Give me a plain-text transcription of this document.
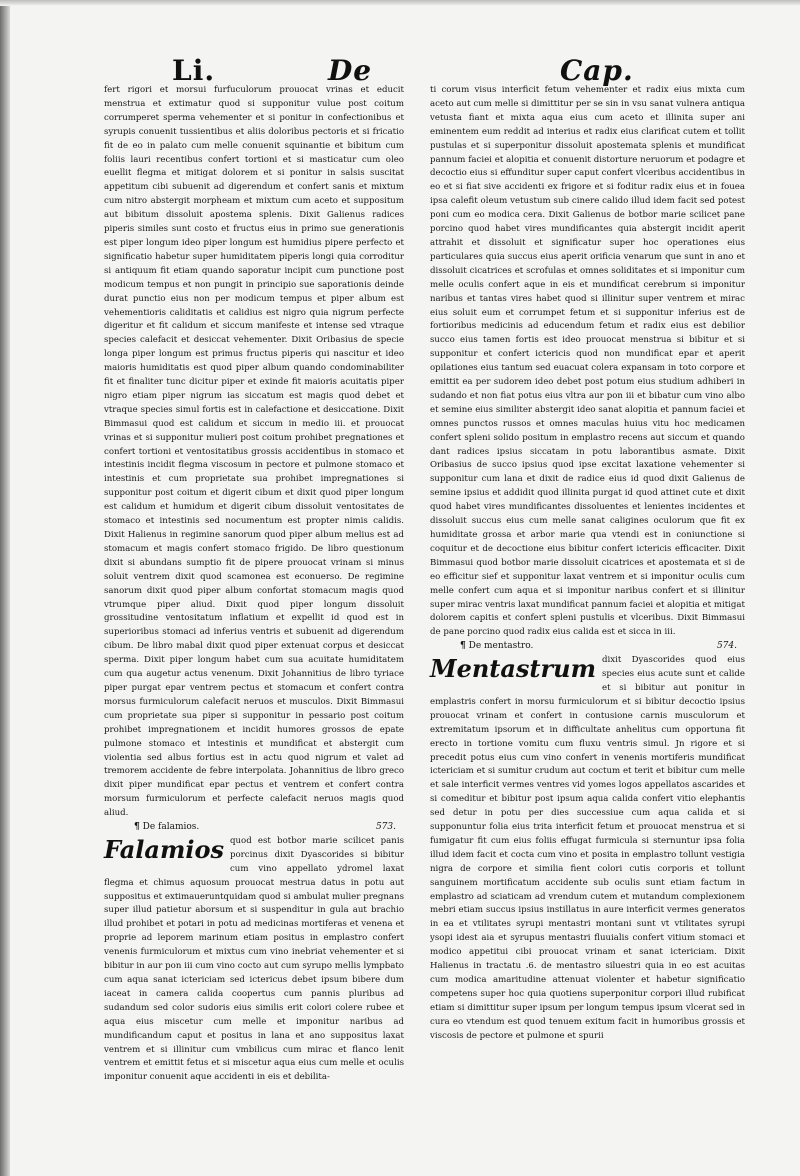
Li.	De	Cap.

fert rigori et morsui furfuculorum prouocat vrinas et educit menstrua et extimatur quod si supponitur vulue post coitum corrumperet sperma vehementer et si ponitur in confectionibus et syrupis conuenit tussientibus et aliis doloribus pectoris et si fricatio fit de eo in palato cum melle conuenit squinantie et bibitum cum foliis lauri recentibus confert tortioni et si masticatur cum oleo euellit flegma et mitigat dolorem et si ponitur in salsis suscitat appetitum cibi subuenit ad digerendum et confert sanis et mixtum cum nitro abstergit morpheam et mixtum cum aceto et suppositum aut bibitum dissoluit apostema splenis. Dixit Galienus radices piperis similes sunt costo et fructus eius in primo sue generationis est piper longum ideo piper longum est humidius pipere perfecto et significatio habetur super humiditatem piperis longi quia corroditur si antiquum fit etiam quando saporatur incipit cum punctione post modicum tempus et non pungit in principio sue saporationis deinde durat punctio eius non per modicum tempus et piper album est vehementioris caliditatis et calidius est nigro quia nigrum perfecte digeritur et fit calidum et siccum manifeste et intense sed vtraque species calefacit et desiccat vehementer. Dixit Oribasius de specie longa piper longum est primus fructus piperis qui nascitur et ideo maioris humiditatis est quod piper album quando condominabiliter fit et finaliter tunc dicitur piper et exinde fit maioris acuitatis piper nigro etiam piper nigrum ias siccatum est magis quod debet et vtraque species simul fortis est in calefactione et desiccatione. Dixit Bimmasui quod est calidum et siccum in medio iii. et prouocat vrinas et si supponitur mulieri post coitum prohibet pregnationes et confert tortioni et ventositatibus grossis accidentibus in stomaco et intestinis incidit flegma viscosum in pectore et pulmone stomaco et intestinis et cum proprietate sua prohibet impregnationes si supponitur post coitum et digerit cibum et dixit quod piper longum est calidum et humidum et digerit cibum dissoluit ventositates de stomaco et intestinis sed nocumentum est propter nimis calidis. Dixit Halienus in regimine sanorum quod piper album melius est ad stomacum et magis confert stomaco frigido. De libro questionum dixit si abundans sumptio fit de pipere prouocat vrinam si minus soluit ventrem dixit quod scamonea est econuerso. De regimine sanorum dixit quod piper album confortat stomacum magis quod vtrumque piper aliud. Dixit quod piper longum dissoluit grossitudine ventositatum inflatium et expellit id quod est in superioribus stomaci ad inferius ventris et subuenit ad digerendum cibum. De libro mabal dixit quod piper extenuat corpus et desiccat sperma. Dixit piper longum habet cum sua acuitate humiditatem cum qua augetur actus venenum. Dixit Johannitius de libro tyriace piper purgat epar ventrem pectus et stomacum et confert contra morsus furmiculorum calefacit neruos et musculos. Dixit Bimmasui cum proprietate sua piper si supponitur in pessario post coitum prohibet impregnationem et incidit humores grossos de epate pulmone stomaco et intestinis et mundificat et abstergit cum violentia sed albus fortius est in actu quod nigrum et valet ad tremorem accidente de febre interpolata. Johannitius de libro greco dixit piper mundificat epar pectus et ventrem et confert contra morsum furmiculorum et perfecte calefacit neruos magis quod aliud.

¶ De falamios.	573.

Falamios quod est botbor marie scilicet panis porcinus dixit Dyascorides si bibitur cum vino appellato ydromel laxat flegma et chimus aquosum prouocat mestrua datus in potu aut suppositus et extimaueruntquidam quod si ambulat mulier pregnans super illud patietur aborsum et si suspenditur in gula aut brachio illud prohibet et potari in potu ad medicinas mortiferas et venena et proprie ad leporem marinum etiam positus in emplastro confert venenis furmiculorum et mixtus cum vino inebriat vehementer et si bibitur in aur pon iii cum vino cocto aut cum syrupo mellis lympbato cum aqua sanat ictericiam sed ictericus debet ipsum bibere dum iaceat in camera calida coopertus cum pannis pluribus ad sudandum sed color sudoris eius similis erit colori colere rubee et aqua eius miscetur cum melle et imponitur naribus ad mundificandum caput et positus in lana et ano suppositus laxat ventrem et si illinitur cum vmbilicus cum mirac et flanco lenit ventrem et emittit fetus et si miscetur aqua eius cum melle et oculis imponitur conuenit aque accidenti in eis et debilita-

ti corum visus interficit fetum vehementer et radix eius mixta cum aceto aut cum melle si dimittitur per se sin in vsu sanat vulnera antiqua vetusta fiant et mixta aqua eius cum aceto et illinita super ani eminentem eum reddit ad interius et radix eius clarificat cutem et tollit pustulas et si superponitur dissoluit apostemata splenis et mundificat pannum faciei et alopitia et conuenit distorture neruorum et podagre et decoctio eius si effunditur super caput confert vlceribus accidentibus in eo et si fiat sive accidenti ex frigore et si foditur radix eius et in fouea ipsa calefit oleum vetustum sub cinere calido illud idem facit sed potest poni cum eo modica cera. Dixit Galienus de botbor marie scilicet pane porcino quod habet vires mundificantes quia abstergit incidit aperit attrahit et dissoluit et significatur super hoc operationes eius particulares quia succus eius aperit orificia venarum que sunt in ano et dissoluit cicatrices et scrofulas et omnes soliditates et si imponitur cum melle oculis confert aque in eis et mundificat cerebrum si imponitur naribus et tantas vires habet quod si illinitur super ventrem et mirac eius soluit eum et corrumpet fetum et si supponitur inferius est de fortioribus medicinis ad educendum fetum et radix eius est debilior succo eius tamen fortis est ideo prouocat menstrua si bibitur et si supponitur et confert ictericis quod non mundificat epar et aperit opilationes eius tantum sed euacuat colera expansam in toto corpore et emittit ea per sudorem ideo debet post potum eius studium adhiberi in sudando et non fiat potus eius vltra aur pon iii et bibatur cum vino albo et semine eius similiter abstergit ideo sanat alopitia et pannum faciei et omnes punctos russos et omnes maculas huius vitu hoc medicamen confert spleni solido positum in emplastro recens aut siccum et quando dant radices ipsius siccatam in potu laborantibus asmate. Dixit Oribasius de succo ipsius quod ipse excitat laxatione vehementer si supponitur cum lana et dixit de radice eius id quod dixit Galienus de semine ipsius et addidit quod illinita purgat id quod attinet cute et dixit quod habet vires mundificantes dissoluentes et lenientes incidentes et dissoluit succus eius cum melle sanat caligines oculorum que fit ex humiditate grossa et arbor marie qua vtendi est in coniunctione si coquitur et de decoctione eius bibitur confert ictericis efficaciter. Dixit Bimmasui quod botbor marie dissoluit cicatrices et apostemata et si de eo efficitur sief et supponitur laxat ventrem et si imponitur oculis cum melle confert cum aqua et si imponitur naribus confert et si illinitur super mirac ventris laxat mundificat pannum faciei et alopitia et mitigat dolorem capitis et confert spleni pustulis et vlceribus. Dixit Bimmasui de pane porcino quod radix eius calida est et sicca in iii.

¶ De mentastro.	574.

Mentastrum dixit Dyascorides quod eius species eius acute sunt et calide et si bibitur aut ponitur in emplastris confert in morsu furmiculorum et si bibitur decoctio ipsius prouocat vrinam et confert in contusione carnis musculorum et extremitatum ipsorum et in difficultate anhelitus cum opportuna fit erecto in tortione vomitu cum fluxu ventris simul. Jn rigore et si precedit potus eius cum vino confert in venenis mortiferis mundificat ictericiam et si sumitur crudum aut coctum et terit et bibitur cum melle et sale interficit vermes ventres vid yomes logos appellatos ascarides et si comeditur et bibitur post ipsum aqua calida confert vitio elephantis sed detur in potu per dies successiue cum aqua calida et si supponuntur folia eius trita interficit fetum et prouocat menstrua et si fumigatur fit cum eius foliis effugat furmicula si sternuntur ipsa folia illud idem facit et cocta cum vino et posita in emplastro tollunt vestigia nigra de corpore et similia fient colori cutis corporis et tollunt sanguinem mortificatum accidente sub oculis sunt etiam factum in emplastro ad sciaticam ad vrendum cutem et mutandum complexionem mebri etiam succus ipsius instillatus in aure interficit vermes generatos in ea et vtilitates syrupi mentastri montani sunt vt vtilitates syrupi ysopi idest aia et syrupus mentastri fluuialis confert vitium stomaci et modico appetitui cibi prouocat vrinam et sanat ictericiam. Dixit Halienus in tractatu .6. de mentastro siluestri quia in eo est acuitas cum modica amaritudine attenuat violenter et habetur significatio competens super hoc quia quotiens superponitur corpori illud rubificat etiam si dimittitur super ipsum per longum tempus ipsum vlcerat sed in cura eo vtendum est quod tenuem exitum facit in humoribus grossis et viscosis de pectore et pulmone et spurii
